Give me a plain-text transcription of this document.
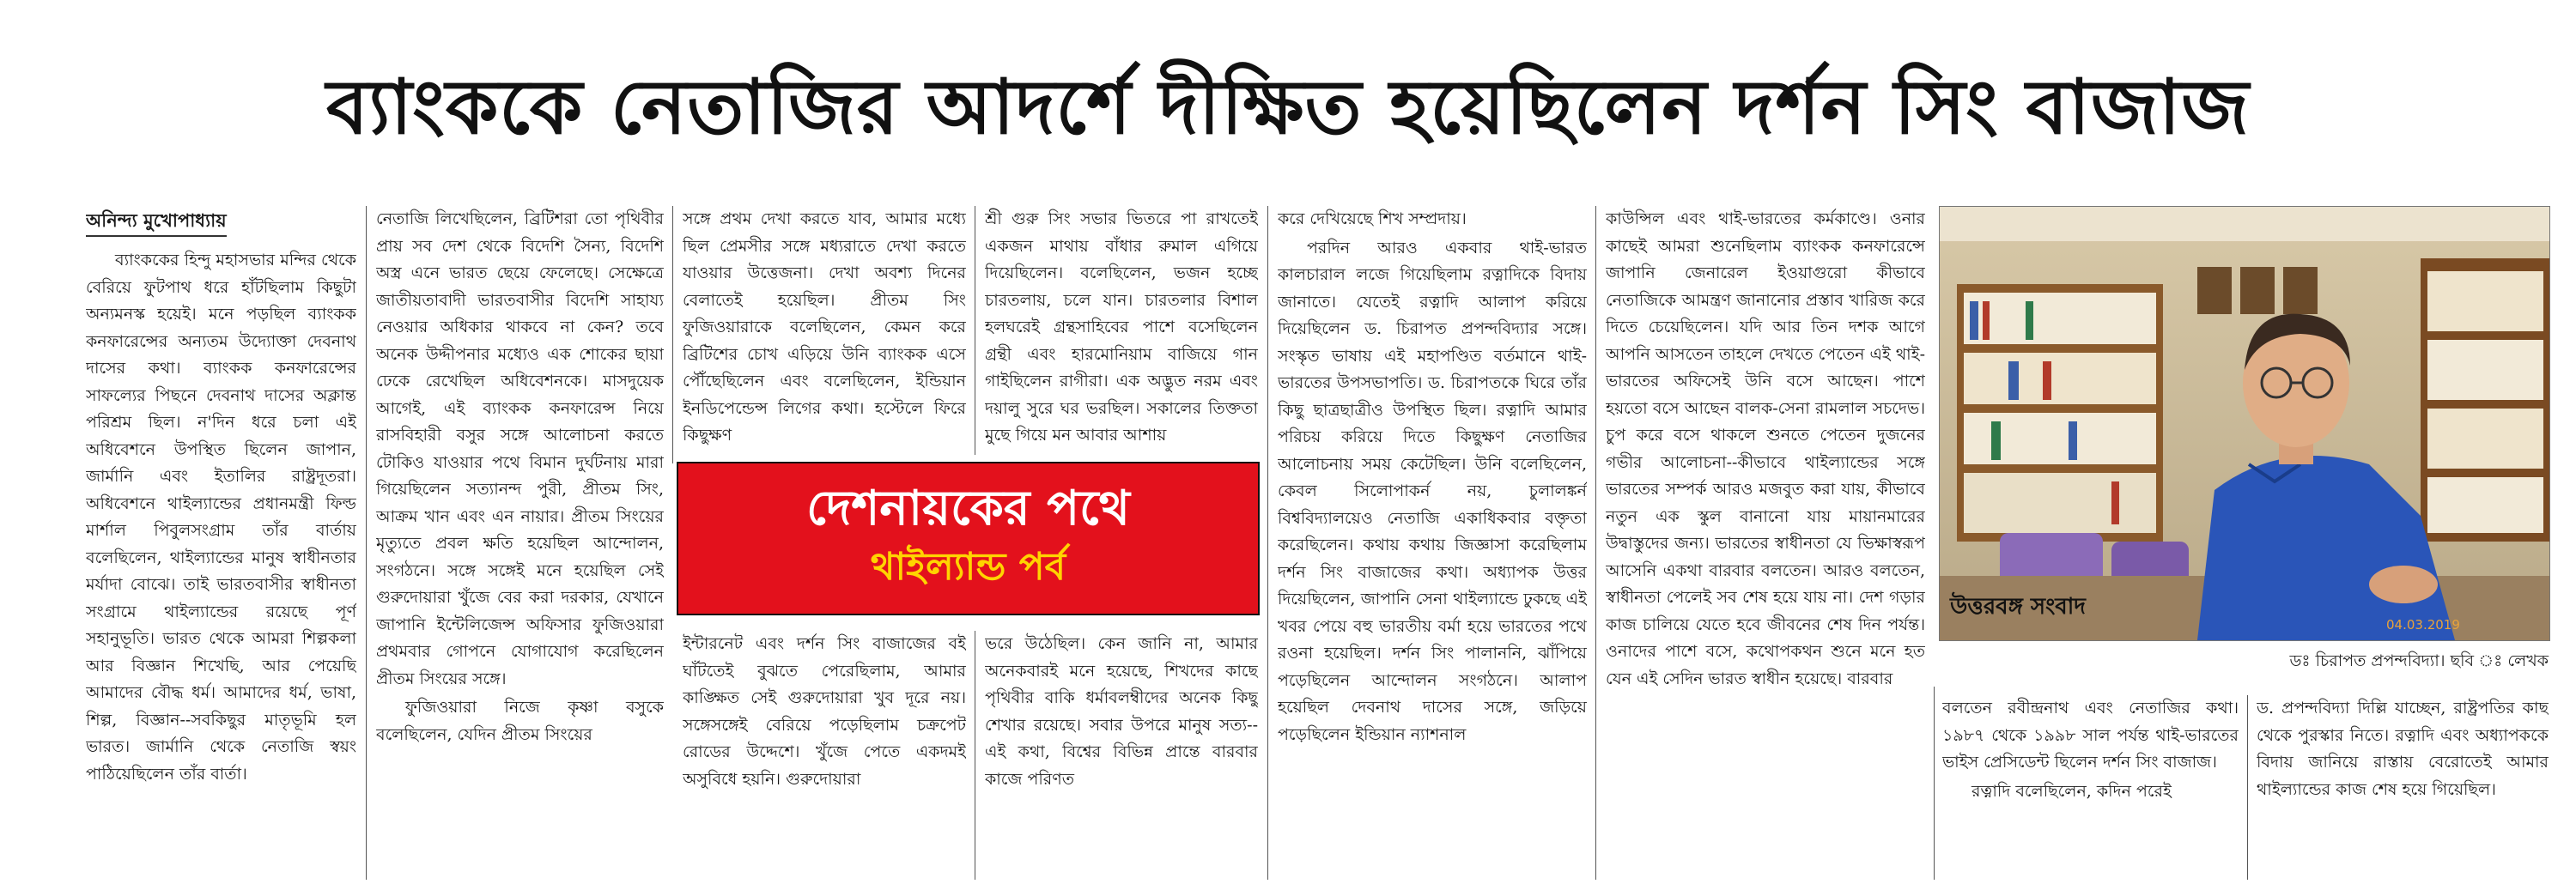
ব্যাংককে নেতাজির আদর্শে দীক্ষিত হয়েছিলেন দর্শন সিং বাজাজ
অনিন্দ্য মুখোপাধ্যায়

ব্যাংককের হিন্দু মহাসভার মন্দির থেকে বেরিয়ে ফুটপাথ ধরে হাঁটছিলাম কিছুটা অন্যমনস্ক হয়েই। মনে পড়ছিল ব্যাংকক কনফারেন্সের অন্যতম উদ্যোক্তা দেবনাথ দাসের কথা। ব্যাংকক কনফারেন্সের সাফল্যের পিছনে দেবনাথ দাসের অক্লান্ত পরিশ্রম ছিল। ন'দিন ধরে চলা এই অধিবেশনে উপস্থিত ছিলেন জাপান, জার্মানি এবং ইতালির রাষ্ট্রদূতরা। অধিবেশনে থাইল্যান্ডের প্রধানমন্ত্রী ফিল্ড মার্শাল পিবুলসংগ্রাম তাঁর বার্তায় বলেছিলেন, থাইল্যান্ডের মানুষ স্বাধীনতার মর্যাদা বোঝে। তাই ভারতবাসীর স্বাধীনতা সংগ্রামে থাইল্যান্ডের রয়েছে পূর্ণ সহানুভূতি। ভারত থেকে আমরা শিল্পকলা আর বিজ্ঞান শিখেছি, আর পেয়েছি আমাদের বৌদ্ধ ধর্ম। আমাদের ধর্ম, ভাষা, শিল্প, বিজ্ঞান--সবকিছুর মাতৃভূমি হল ভারত। জার্মানি থেকে নেতাজি স্বয়ং পাঠিয়েছিলেন তাঁর বার্তা।

নেতাজি লিখেছিলেন, ব্রিটিশরা তো পৃথিবীর প্রায় সব দেশ থেকে বিদেশি সৈন্য, বিদেশি অস্ত্র এনে ভারত ছেয়ে ফেলেছে। সেক্ষেত্রে জাতীয়তাবাদী ভারতবাসীর বিদেশি সাহায্য নেওয়ার অধিকার থাকবে না কেন? তবে অনেক উদ্দীপনার মধ্যেও এক শোকের ছায়া ঢেকে রেখেছিল অধিবেশনকে। মাসদুয়েক আগেই, এই ব্যাংকক কনফারেন্স নিয়ে রাসবিহারী বসুর সঙ্গে আলোচনা করতে টোকিও যাওয়ার পথে বিমান দুর্ঘটনায় মারা গিয়েছিলেন সত্যানন্দ পুরী, প্রীতম সিং, আক্রম খান এবং এন নায়ার। প্রীতম সিংয়ের মৃত্যুতে প্রবল ক্ষতি হয়েছিল আন্দোলন, সংগঠনে। সঙ্গে সঙ্গেই মনে হয়েছিল সেই গুরুদোয়ারা খুঁজে বের করা দরকার, যেখানে জাপানি ইন্টেলিজেন্স অফিসার ফুজিওয়ারা প্রথমবার গোপনে যোগাযোগ করেছিলেন প্রীতম সিংয়ের সঙ্গে।

ফুজিওয়ারা নিজে কৃষ্ণা বসুকে বলেছিলেন, যেদিন প্রীতম সিংয়ের

সঙ্গে প্রথম দেখা করতে যাব, আমার মধ্যে ছিল প্রেমসীর সঙ্গে মধ্যরাতে দেখা করতে যাওয়ার উত্তেজনা। দেখা অবশ্য দিনের বেলাতেই হয়েছিল। প্রীতম সিং ফুজিওয়ারাকে বলেছিলেন, কেমন করে ব্রিটিশের চোখ এড়িয়ে উনি ব্যাংকক এসে পৌঁছেছিলেন এবং বলেছিলেন, ইন্ডিয়ান ইনডিপেন্ডেন্স লিগের কথা। হস্টেলে ফিরে কিছুক্ষণ

শ্রী গুরু সিং সভার ভিতরে পা রাখতেই একজন মাথায় বাঁধার রুমাল এগিয়ে দিয়েছিলেন। বলেছিলেন, ভজন হচ্ছে চারতলায়, চলে যান। চারতলার বিশাল হলঘরেই গ্রন্থসাহিবের পাশে বসেছিলেন গ্রন্থী এবং হারমোনিয়াম বাজিয়ে গান গাইছিলেন রাগীরা। এক অদ্ভুত নরম এবং দয়ালু সুরে ঘর ভরছিল। সকালের তিক্ততা মুছে গিয়ে মন আবার আশায়

দেশনায়কের পথে
থাইল্যান্ড পর্ব

ইন্টারনেট এবং দর্শন সিং বাজাজের বই ঘাঁটতেই বুঝতে পেরেছিলাম, আমার কাঙ্ক্ষিত সেই গুরুদোয়ারা খুব দূরে নয়। সঙ্গেসঙ্গেই বেরিয়ে পড়েছিলাম চক্রপেট রোডের উদ্দেশে। খুঁজে পেতে একদমই অসুবিধে হয়নি। গুরুদোয়ারা

ভরে উঠেছিল। কেন জানি না, আমার অনেকবারই মনে হয়েছে, শিখদের কাছে পৃথিবীর বাকি ধর্মাবলম্বীদের অনেক কিছু শেখার রয়েছে। সবার উপরে মানুষ সত্য--এই কথা, বিশ্বের বিভিন্ন প্রান্তে বারবার কাজে পরিণত

করে দেখিয়েছে শিখ সম্প্রদায়।

পরদিন আরও একবার থাই-ভারত কালচারাল লজে গিয়েছিলাম রত্নাদিকে বিদায় জানাতে। যেতেই রত্নাদি আলাপ করিয়ে দিয়েছিলেন ড. চিরাপত প্রপন্দবিদ্যার সঙ্গে। সংস্কৃত ভাষায় এই মহাপণ্ডিত বর্তমানে থাই-ভারতের উপসভাপতি। ড. চিরাপতকে ঘিরে তাঁর কিছু ছাত্রছাত্রীও উপস্থিত ছিল। রত্নাদি আমার পরিচয় করিয়ে দিতে কিছুক্ষণ নেতাজির আলোচনায় সময় কেটেছিল। উনি বলেছিলেন, কেবল সিলোপাকর্ন নয়, চুলালঙ্কর্ন বিশ্ববিদ্যালয়েও নেতাজি একাধিকবার বক্তৃতা করেছিলেন। কথায় কথায় জিজ্ঞাসা করেছিলাম দর্শন সিং বাজাজের কথা। অধ্যাপক উত্তর দিয়েছিলেন, জাপানি সেনা থাইল্যান্ডে ঢুকছে এই খবর পেয়ে বহু ভারতীয় বর্মা হয়ে ভারতের পথে রওনা হয়েছিল। দর্শন সিং পালাননি, ঝাঁপিয়ে পড়েছিলেন আন্দোলন সংগঠনে। আলাপ হয়েছিল দেবনাথ দাসের সঙ্গে, জড়িয়ে পড়েছিলেন ইন্ডিয়ান ন্যাশনাল

কাউন্সিল এবং থাই-ভারতের কর্মকাণ্ডে। ওনার কাছেই আমরা শুনেছিলাম ব্যাংকক কনফারেন্সে জাপানি জেনারেল ইওয়াগুরো কীভাবে নেতাজিকে আমন্ত্রণ জানানোর প্রস্তাব খারিজ করে দিতে চেয়েছিলেন। যদি আর তিন দশক আগে আপনি আসতেন তাহলে দেখতে পেতেন এই থাই-ভারতের অফিসেই উনি বসে আছেন। পাশে হয়তো বসে আছেন বালক-সেনা রামলাল সচদেভ। চুপ করে বসে থাকলে শুনতে পেতেন দুজনের গভীর আলোচনা--কীভাবে থাইল্যান্ডের সঙ্গে ভারতের সম্পর্ক আরও মজবুত করা যায়, কীভাবে নতুন এক স্কুল বানানো যায় মায়ানমারের উদ্বাস্তুদের জন্য। ভারতের স্বাধীনতা যে ভিক্ষাস্বরূপ আসেনি একথা বারবার বলতেন। আরও বলতেন, স্বাধীনতা পেলেই সব শেষ হয়ে যায় না। দেশ গড়ার কাজ চালিয়ে যেতে হবে জীবনের শেষ দিন পর্যন্ত। ওনাদের পাশে বসে, কথোপকথন শুনে মনে হত যেন এই সেদিন ভারত স্বাধীন হয়েছে। বারবার

উত্তরবঙ্গ সংবাদ
04.03.2019
ডঃ চিরাপত প্রপন্দবিদ্যা। ছবি ঃ লেখক

বলতেন রবীন্দ্রনাথ এবং নেতাজির কথা। ১৯৮৭ থেকে ১৯৯৮ সাল পর্যন্ত থাই-ভারতের ভাইস প্রেসিডেন্ট ছিলেন দর্শন সিং বাজাজ।

রত্নাদি বলেছিলেন, কদিন পরেই

ড. প্রপন্দবিদ্যা দিল্লি যাচ্ছেন, রাষ্ট্রপতির কাছ থেকে পুরস্কার নিতে। রত্নাদি এবং অধ্যাপককে বিদায় জানিয়ে রাস্তায় বেরোতেই আমার থাইল্যান্ডের কাজ শেষ হয়ে গিয়েছিল।
